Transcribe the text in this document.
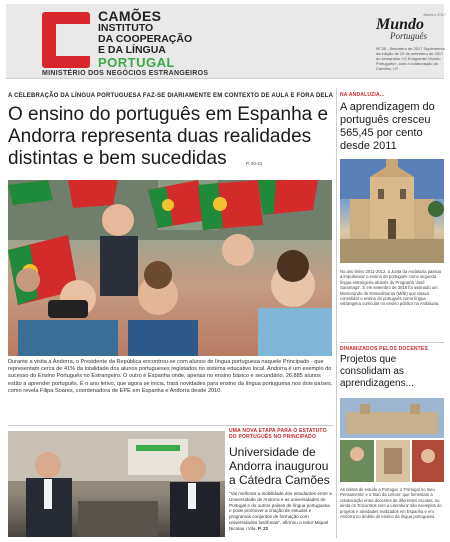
CAMÕES
INSTITUTO
DA COOPERAÇÃO
E DA LÍNGUA
PORTUGAL
MINISTÉRIO DOS NEGÓCIOS ESTRANGEIROS
Janeiro 2017
Mundo
Português
Nº 28 - Setembro de 2017 Suplemento da edição de 29 de setembro de 2017 do semanário «O Emigrante/ Mundo Português», com a colaboração do Camões, I.P.
A CELEBRAÇÃO DA LÍNGUA PORTUGUESA FAZ-SE DIARIAMENTE EM CONTEXTO DE AULA E FORA DELA
O ensino do português em Espanha e Andorra representa duas realidades distintas e bem sucedidas	P. 20-21
Durante a visita a Andorra, o Presidente da República encontrou-se com alunos de língua portuguesa naquele Principado - que representam cerca de 41% da totalidade dos alunos portugueses registados no sistema educativo local. Andorra é um exemplo do sucesso do Ensino Português no Estrangeiro. O outro é Espanha onde, apenas no ensino básico e secundário, 26.885 alunos estão a aprender português. É o ano letivo, que agora se inicia, trará novidades para ensino da língua portuguesa nos dois países, como revela Filipa Soares, coordenadora de EPE em Espanha e Andorra desde 2010.
NA ANDALUZIA...
A aprendizagem do português cresceu 565,45 por cento desde 2011
No ano letivo 2011-2012, a Junta da Andaluzia passou a impulsionar o ensino do português como segunda língua estrangeira através do Programa 'José Saramago'. E em setembro de 2016 foi assinado um Memorando de Entendimento (MdE) que visava consolidar o ensino do português como língua estrangeira curricular no ensino público na Andaluzia.
DINAMIZADOS PELOS DOCENTES
Projetos que consolidam as aprendizagens...
As visitas de estudo a Portugal, o 'Portugal no meu Pensamento' e o 'Baú da Leitura' que fomentam a colaboração entre docentes de diferentes escolas, ou ainda os 'Encontros com a Literatura' são exemplos de projetos e atividades realizados em Espanha e em Andorra no âmbito do ensino da língua portuguesa.
UMA NOVA ETAPA PARA O ESTATUTO DO PORTUGUÊS NO PRINCIPADO
Universidade de Andorra inaugurou a Cátedra Camões
"Vai melhorar a mobilidade dos estudantes entre a Universidade de Andorra e as universidades de Portugal e do outros países de língua portuguesa e pode promover a criação de estudos e programas conjuntos de formação com universidades lusófonas", afirmou o reitor Miquel Nicolau i Vila. P. 22
